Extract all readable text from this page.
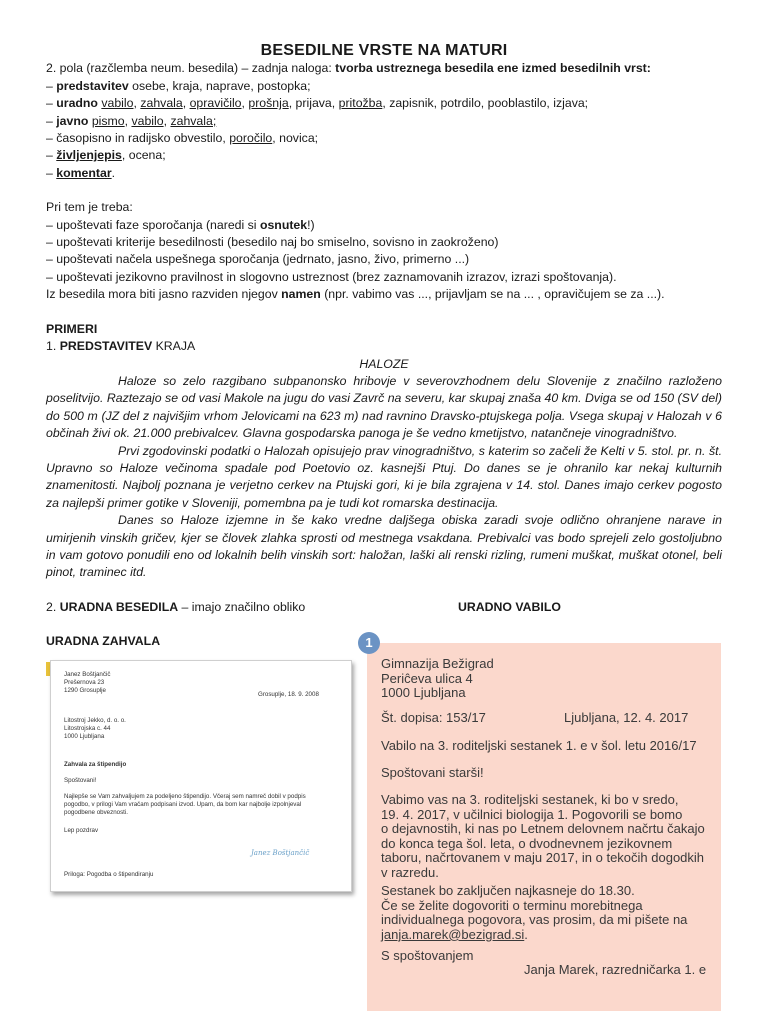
BESEDILNE VRSTE NA MATURI
2. pola (razčlemba neum. besedila) – zadnja naloga: tvorba ustreznega besedila ene izmed besedilnih vrst:
– predstavitev osebe, kraja, naprave, postopka;
– uradno vabilo, zahvala, opravičilo, prošnja, prijava, pritožba, zapisnik, potrdilo, pooblastilo, izjava;
– javno pismo, vabilo, zahvala;
– časopisno in radijsko obvestilo, poročilo, novica;
– življenjepis, ocena;
– komentar.
Pri tem je treba:
– upoštevati faze sporočanja (naredi si osnutek!)
– upoštevati kriterije besedilnosti (besedilo naj bo smiselno, sovisno in zaokroženo)
– upoštevati načela uspešnega sporočanja (jedrnato, jasno, živo, primerno ...)
– upoštevati jezikovno pravilnost in slogovno ustreznost (brez zaznamovanih izrazov, izrazi spoštovanja).
Iz besedila mora biti jasno razviden njegov namen (npr. vabimo vas ..., prijavljam se na ... , opravičujem se za ...).
PRIMERI
1. PREDSTAVITEV KRAJA
HALOZE
Haloze so zelo razgibano subpanonsko hribovje v severovzhodnem delu Slovenije z značilno razloženo poselitvijo. Raztezajo se od vasi Makole na jugu do vasi Zavrč na severu, kar skupaj znaša 40 km. Dviga se od 150 (SV del) do 500 m (JZ del z najvišjim vrhom Jelovicami na 623 m) nad ravnino Dravsko-ptujskega polja. Vsega skupaj v Halozah v 6 občinah živi ok. 21.000 prebivalcev. Glavna gospodarska panoga je še vedno kmetijstvo, natančneje vinogradništvo.
Prvi zgodovinski podatki o Halozah opisujejo prav vinogradništvo, s katerim so začeli že Kelti v 5. stol. pr. n. št. Upravno so Haloze večinoma spadale pod Poetovio oz. kasnejši Ptuj. Do danes se je ohranilo kar nekaj kulturnih znamenitosti. Najbolj poznana je verjetno cerkev na Ptujski gori, ki je bila zgrajena v 14. stol. Danes imajo cerkev pogosto za najlepši primer gotike v Sloveniji, pomembna pa je tudi kot romarska destinacija.
Danes so Haloze izjemne in še kako vredne daljšega obiska zaradi svoje odlično ohranjene narave in umirjenih vinskih gričev, kjer se človek zlahka sprosti od mestnega vsakdana. Prebivalci vas bodo sprejeli zelo gostoljubno in vam gotovo ponudili eno od lokalnih belih vinskih sort: haložan, laški ali renski rizling, rumeni muškat, muškat otonel, beli pinot, traminec itd.
2. URADNA BESEDILA – imajo značilno obliko	URADNO VABILO
URADNA ZAHVALA
Janez Boštjančič
Prešernova 23
1290 Grosuplje
Grosuplje, 18. 9. 2008
Litostroj Jekko, d. o. o.
Litostrojska c. 44
1000 Ljubljana
Zahvala za štipendijo
Spoštovani!
Najlepše se Vam zahvaljujem za podeljeno štipendijo. Včeraj sem namreč dobil v podpis
pogodbo, v prilogi Vam vračam podpisani izvod. Upam, da bom kar najbolje izpolnjeval
pogodbene obveznosti.
Lep pozdrav
Janez Boštjančič
Priloga: Pogodba o štipendiranju
1
Gimnazija Bežigrad
Periĉeva ulica 4
1000 Ljubljana
Št. dopisa: 153/17	Ljubljana, 12. 4. 2017
Vabilo na 3. roditeljski sestanek 1. e v šol. letu 2016/17
Spoštovani starši!
Vabimo vas na 3. roditeljski sestanek, ki bo v sredo,
19. 4. 2017, v učilnici biologija 1. Pogovorili se bomo
o dejavnostih, ki nas po Letnem delovnem načrtu čakajo
do konca tega šol. leta, o dvodnevnem jezikovnem
taboru, načrtovanem v maju 2017, in o tekočih dogodkih
v razredu.
Sestanek bo zaključen najkasneje do 18.30.
Če se želite dogovoriti o terminu morebitnega
individualnega pogovora, vas prosim, da mi pišete na
janja.marek@bezigrad.si.
S spoštovanjem
Janja Marek, razredničarka 1. e
